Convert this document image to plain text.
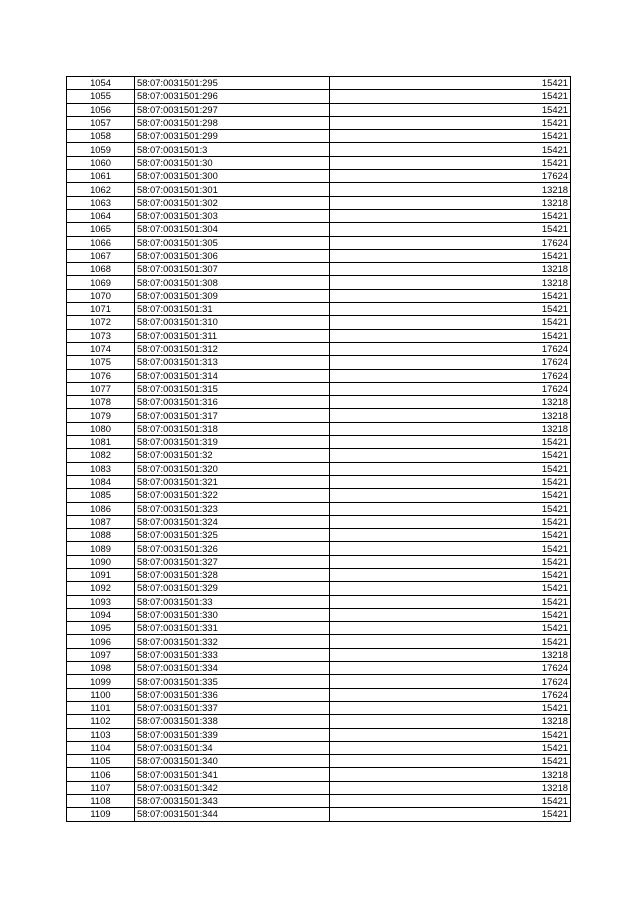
1054	58:07:0031501:295	15421
1055	58:07:0031501:296	15421
1056	58:07:0031501:297	15421
1057	58:07:0031501:298	15421
1058	58:07:0031501:299	15421
1059	58:07:0031501:3	15421
1060	58:07:0031501:30	15421
1061	58:07:0031501:300	17624
1062	58:07:0031501:301	13218
1063	58:07:0031501:302	13218
1064	58:07:0031501:303	15421
1065	58:07:0031501:304	15421
1066	58:07:0031501:305	17624
1067	58:07:0031501:306	15421
1068	58:07:0031501:307	13218
1069	58:07:0031501:308	13218
1070	58:07:0031501:309	15421
1071	58:07:0031501:31	15421
1072	58:07:0031501:310	15421
1073	58:07:0031501:311	15421
1074	58:07:0031501:312	17624
1075	58:07:0031501:313	17624
1076	58:07:0031501:314	17624
1077	58:07:0031501:315	17624
1078	58:07:0031501:316	13218
1079	58:07:0031501:317	13218
1080	58:07:0031501:318	13218
1081	58:07:0031501:319	15421
1082	58:07:0031501:32	15421
1083	58:07:0031501:320	15421
1084	58:07:0031501:321	15421
1085	58:07:0031501:322	15421
1086	58:07:0031501:323	15421
1087	58:07:0031501:324	15421
1088	58:07:0031501:325	15421
1089	58:07:0031501:326	15421
1090	58:07:0031501:327	15421
1091	58:07:0031501:328	15421
1092	58:07:0031501:329	15421
1093	58:07:0031501:33	15421
1094	58:07:0031501:330	15421
1095	58:07:0031501:331	15421
1096	58:07:0031501:332	15421
1097	58:07:0031501:333	13218
1098	58:07:0031501:334	17624
1099	58:07:0031501:335	17624
1100	58:07:0031501:336	17624
1101	58:07:0031501:337	15421
1102	58:07:0031501:338	13218
1103	58:07:0031501:339	15421
1104	58:07:0031501:34	15421
1105	58:07:0031501:340	15421
1106	58:07:0031501:341	13218
1107	58:07:0031501:342	13218
1108	58:07:0031501:343	15421
1109	58:07:0031501:344	15421
